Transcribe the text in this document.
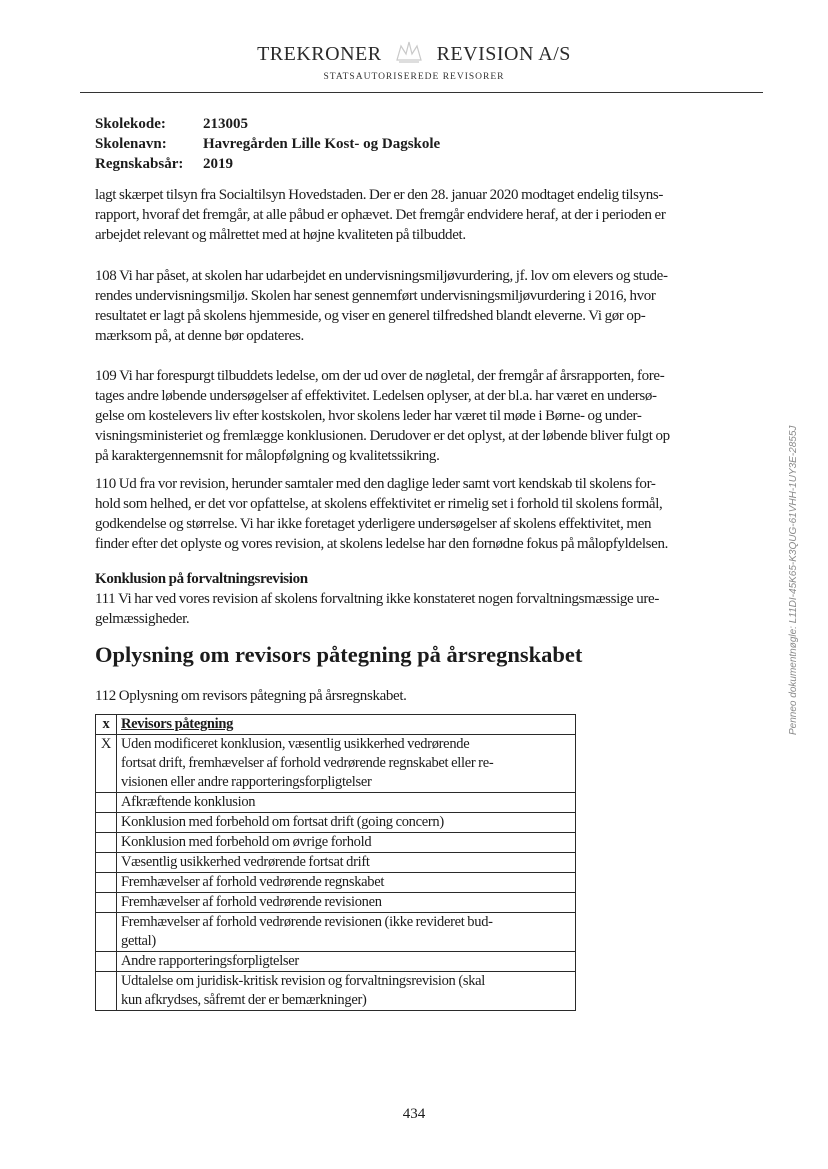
TREKRONER	REVISION A/S
STATSAUTORISEREDE REVISORER
Skolekode: 213005
Skolenavn: Havregården Lille Kost- og Dagskole
Regnskabsår: 2019
lagt skærpet tilsyn fra Socialtilsyn Hovedstaden. Der er den 28. januar 2020 modtaget endelig tilsyns-
rapport, hvoraf det fremgår, at alle påbud er ophævet. Det fremgår endvidere heraf, at der i perioden er
arbejdet relevant og målrettet med at højne kvaliteten på tilbuddet.
108 Vi har påset, at skolen har udarbejdet en undervisningsmiljøvurdering, jf. lov om elevers og stude-
rendes undervisningsmiljø. Skolen har senest gennemført undervisningsmiljøvurdering i 2016, hvor
resultatet er lagt på skolens hjemmeside, og viser en generel tilfredshed blandt eleverne. Vi gør op-
mærksom på, at denne bør opdateres.
109 Vi har forespurgt tilbuddets ledelse, om der ud over de nøgletal, der fremgår af årsrapporten, fore-
tages andre løbende undersøgelser af effektivitet. Ledelsen oplyser, at der bl.a. har været en undersø-
gelse om kostelevers liv efter kostskolen, hvor skolens leder har været til møde i Børne- og under-
visningsministeriet og fremlægge konklusionen. Derudover er det oplyst, at der løbende bliver fulgt op
på karaktergennemsnit for målopfølgning og kvalitetssikring.
110 Ud fra vor revision, herunder samtaler med den daglige leder samt vort kendskab til skolens for-
hold som helhed, er det vor opfattelse, at skolens effektivitet er rimelig set i forhold til skolens formål,
godkendelse og størrelse. Vi har ikke foretaget yderligere undersøgelser af skolens effektivitet, men
finder efter det oplyste og vores revision, at skolens ledelse har den fornødne fokus på målopfyldelsen.
Konklusion på forvaltningsrevision
111 Vi har ved vores revision af skolens forvaltning ikke konstateret nogen forvaltningsmæssige ure-
gelmæssigheder.
Oplysning om revisors påtegning på årsregnskabet
112 Oplysning om revisors påtegning på årsregnskabet.
x	Revisors påtegning
X	Uden modificeret konklusion, væsentlig usikkerhed vedrørende
fortsat drift, fremhævelser af forhold vedrørende regnskabet eller re-
visionen eller andre rapporteringsforpligtelser

	Afkræftende konklusion

	Konklusion med forbehold om fortsat drift (going concern)

	Konklusion med forbehold om øvrige forhold

	Væsentlig usikkerhed vedrørende fortsat drift

	Fremhævelser af forhold vedrørende regnskabet

	Fremhævelser af forhold vedrørende revisionen

	Fremhævelser af forhold vedrørende revisionen (ikke revideret bud-
gettal)

	Andre rapporteringsforpligtelser

	Udtalelse om juridisk-kritisk revision og forvaltningsrevision (skal
kun afkrydses, såfremt der er bemærkninger)
Penneo dokumentnøgle: L11DI-45K65-K3QUG-61VHH-1UY3E-2855J
434
